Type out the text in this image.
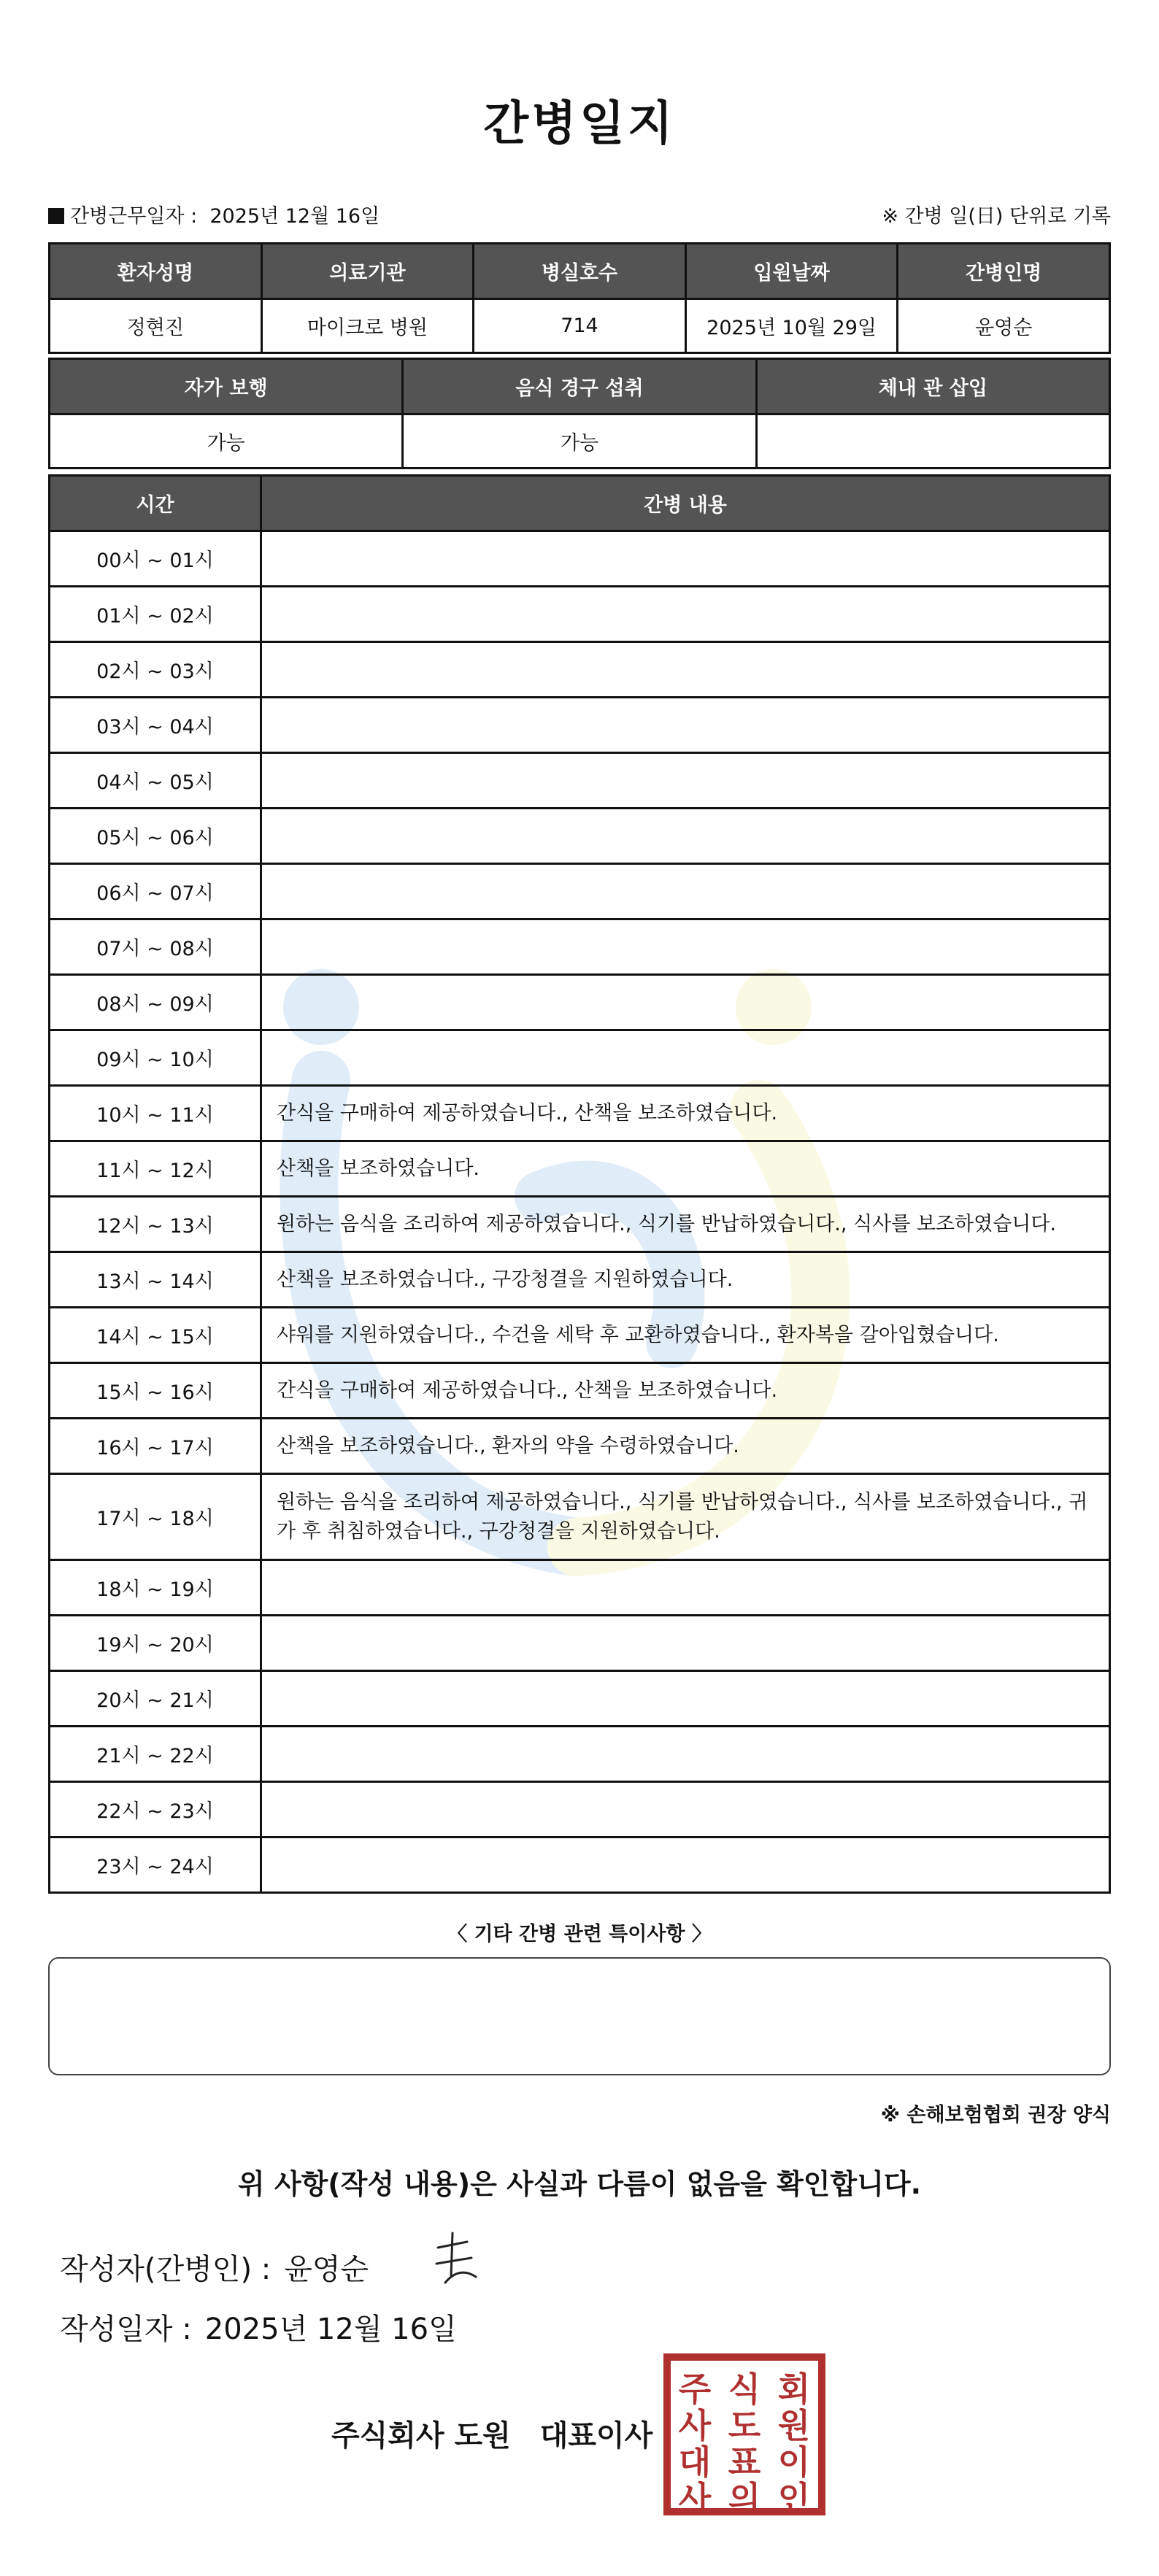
간병일지
간병근무일자 : 2025년 12월 16일	※ 간병 일(日) 단위로 기록
환자성명	의료기관	병실호수	입원날짜	간병인명
정현진	마이크로 병원	714	2025년 10월 29일	윤영순
자가 보행	음식 경구 섭취	체내 관 삽입
가능	가능	
시간	간병 내용
00시 ~ 01시	
01시 ~ 02시	
02시 ~ 03시	
03시 ~ 04시	
04시 ~ 05시	
05시 ~ 06시	
06시 ~ 07시	
07시 ~ 08시	
08시 ~ 09시	
09시 ~ 10시	
10시 ~ 11시	간식을 구매하여 제공하였습니다., 산책을 보조하였습니다.
11시 ~ 12시	산책을 보조하였습니다.
12시 ~ 13시	원하는 음식을 조리하여 제공하였습니다., 식기를 반납하였습니다., 식사를 보조하였습니다.
13시 ~ 14시	산책을 보조하였습니다., 구강청결을 지원하였습니다.
14시 ~ 15시	샤워를 지원하였습니다., 수건을 세탁 후 교환하였습니다., 환자복을 갈아입혔습니다.
15시 ~ 16시	간식을 구매하여 제공하였습니다., 산책을 보조하였습니다.
16시 ~ 17시	산책을 보조하였습니다., 환자의 약을 수령하였습니다.
17시 ~ 18시	원하는 음식을 조리하여 제공하였습니다., 식기를 반납하였습니다., 식사를 보조하였습니다., 귀가 후 취침하였습니다., 구강청결을 지원하였습니다.
18시 ~ 19시	
19시 ~ 20시	
20시 ~ 21시	
21시 ~ 22시	
22시 ~ 23시	
23시 ~ 24시	
〈 기타 간병 관련 특이사항 〉
※ 손해보험협회 권장 양식
위 사항(작성 내용)은 사실과 다름이 없음을 확인합니다.
작성자(간병인) : 윤영순
작성일자 : 2025년 12월 16일
주식회사 도원 대표이사
주 식 회
사 도 원
대 표 이
사 의 인
